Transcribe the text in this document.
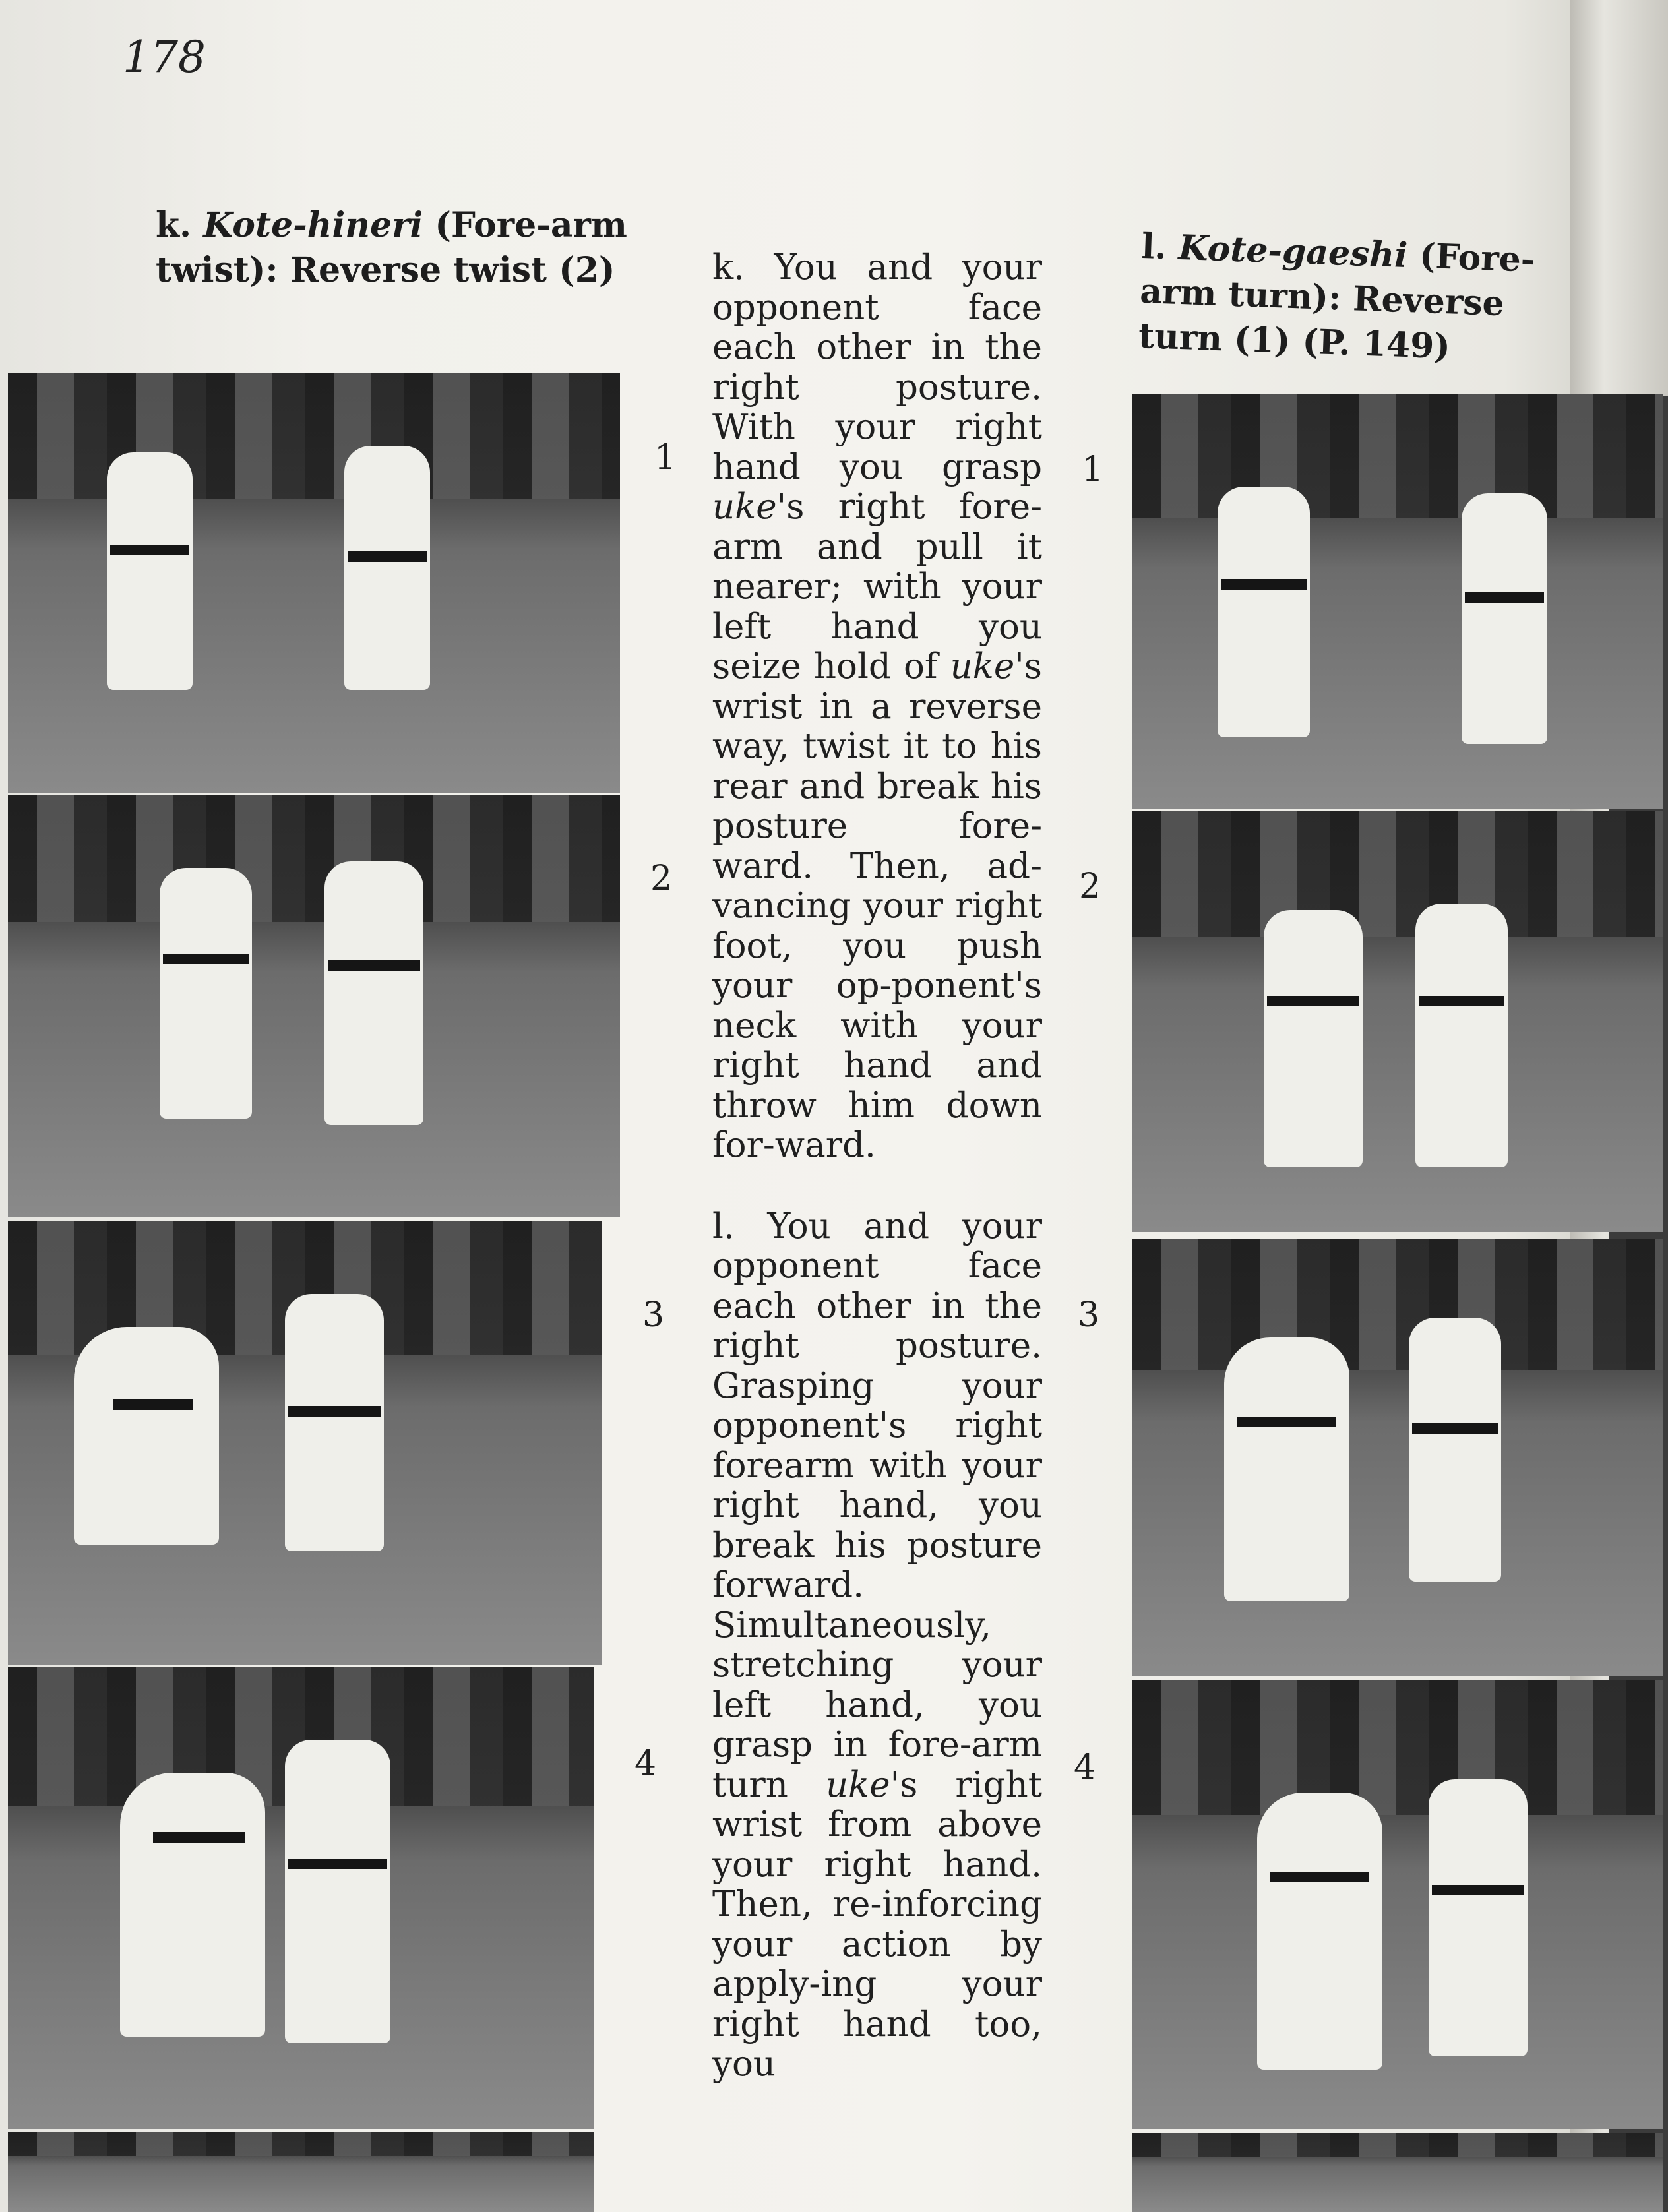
178
k. Kote-hineri (Fore-arm twist): Reverse twist (2)
l. Kote-gaeshi (Fore-arm turn): Reverse turn (1) (P. 149)
1
2
3
4
1
2
3
4

k. You and your opponent face each other in the right posture. With your right hand you grasp uke's right fore-arm and pull it nearer; with your left hand you seize hold of uke's wrist in a reverse way, twist it to his rear and break his posture fore-ward. Then, ad-vancing your right foot, you push your op-ponent's neck with your right hand and throw him down for-ward.

l. You and your opponent face each other in the right posture. Grasping your opponent's right forearm with your right hand, you break his posture forward. Simultaneously, stretching your left hand, you grasp in fore-arm turn uke's right wrist from above your right hand. Then, re-inforcing your action by apply-ing your right hand too, you
